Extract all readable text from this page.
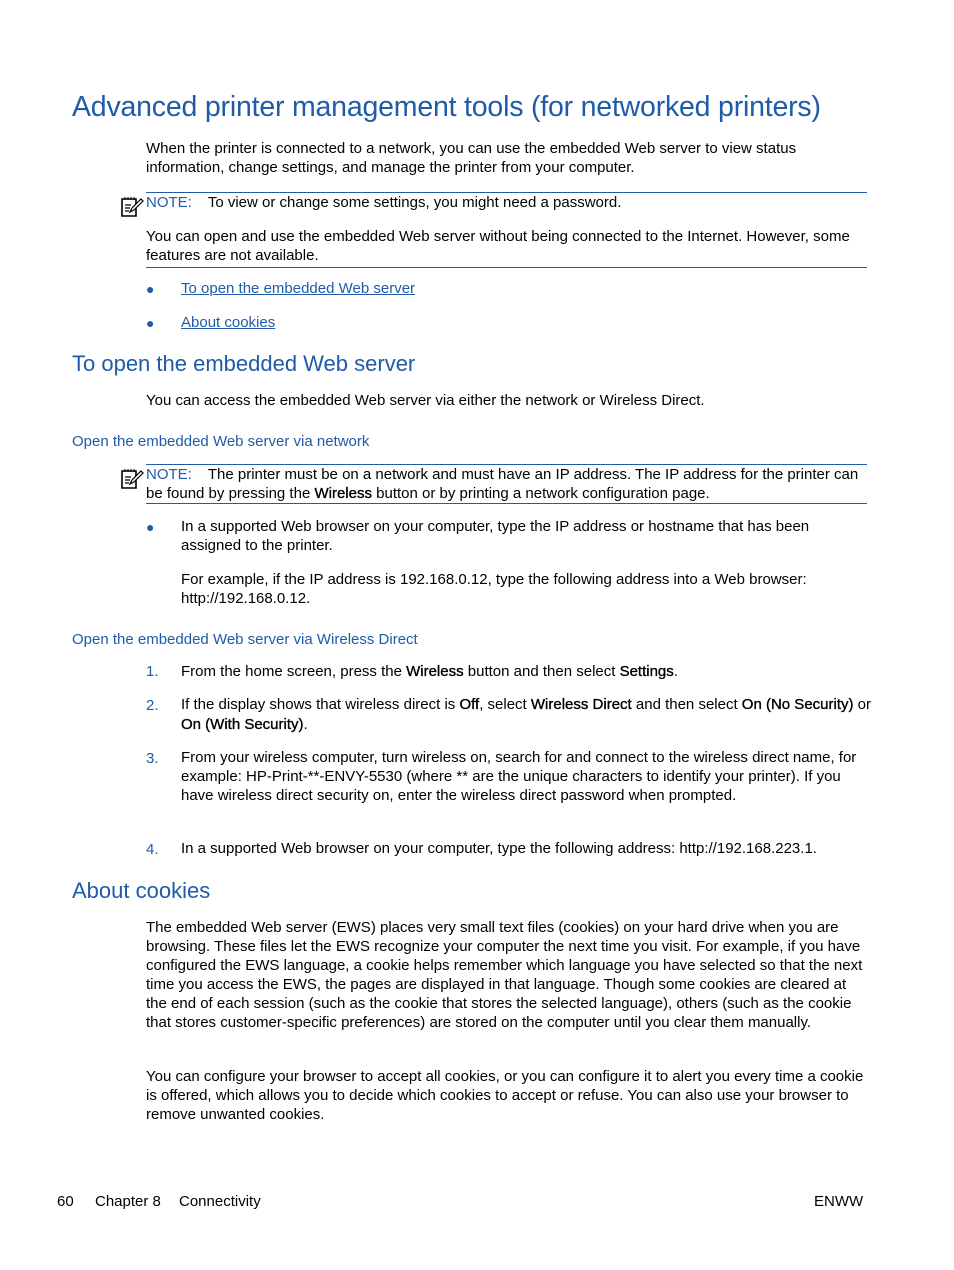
Advanced printer management tools (for networked printers)
When the printer is connected to a network, you can use the embedded Web server to view status information, change settings, and manage the printer from your computer.
NOTE: To view or change some settings, you might need a password.
You can open and use the embedded Web server without being connected to the Internet. However, some features are not available.
● To open the embedded Web server
● About cookies
To open the embedded Web server
You can access the embedded Web server via either the network or Wireless Direct.
Open the embedded Web server via network
NOTE: The printer must be on a network and must have an IP address. The IP address for the printer can be found by pressing the Wireless button or by printing a network configuration page.
● In a supported Web browser on your computer, type the IP address or hostname that has been assigned to the printer.
For example, if the IP address is 192.168.0.12, type the following address into a Web browser: http://192.168.0.12.
Open the embedded Web server via Wireless Direct
1. From the home screen, press the Wireless button and then select Settings.
2. If the display shows that wireless direct is Off, select Wireless Direct and then select On (No Security) or On (With Security).
3. From your wireless computer, turn wireless on, search for and connect to the wireless direct name, for example: HP-Print-**-ENVY-5530 (where ** are the unique characters to identify your printer). If you have wireless direct security on, enter the wireless direct password when prompted.
4. In a supported Web browser on your computer, type the following address: http://192.168.223.1.
About cookies
The embedded Web server (EWS) places very small text files (cookies) on your hard drive when you are browsing. These files let the EWS recognize your computer the next time you visit. For example, if you have configured the EWS language, a cookie helps remember which language you have selected so that the next time you access the EWS, the pages are displayed in that language. Though some cookies are cleared at the end of each session (such as the cookie that stores the selected language), others (such as the cookie that stores customer-specific preferences) are stored on the computer until you clear them manually.
You can configure your browser to accept all cookies, or you can configure it to alert you every time a cookie is offered, which allows you to decide which cookies to accept or refuse. You can also use your browser to remove unwanted cookies.
60 Chapter 8 Connectivity	ENWW
